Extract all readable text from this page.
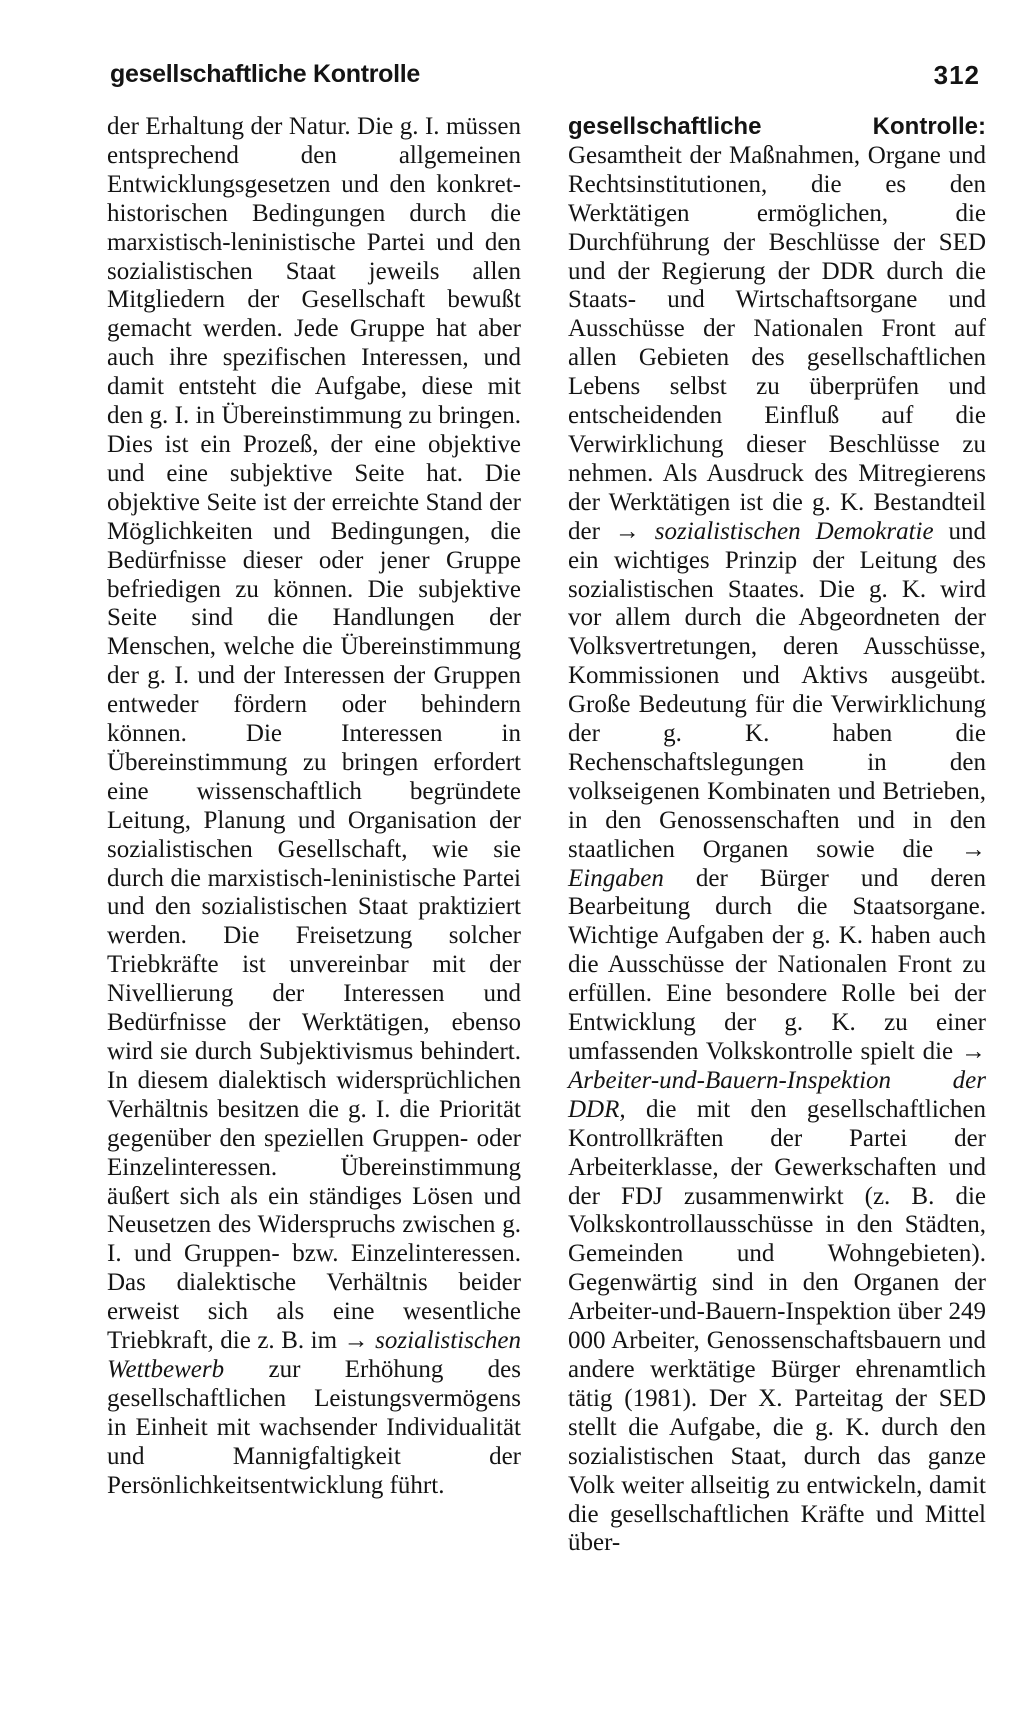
gesellschaftliche Kontrolle	312

der Erhaltung der Natur. Die g. I. müssen entsprechend den allgemeinen Entwicklungsgesetzen und den konkret-historischen Bedingungen durch die marxistisch-leninistische Partei und den sozialistischen Staat jeweils allen Mitgliedern der Gesellschaft bewußt gemacht werden. Jede Gruppe hat aber auch ihre spezifischen Interessen, und damit entsteht die Aufgabe, diese mit den g. I. in Übereinstimmung zu bringen. Dies ist ein Prozeß, der eine objektive und eine subjektive Seite hat. Die objektive Seite ist der erreichte Stand der Möglichkeiten und Bedingungen, die Bedürfnisse dieser oder jener Gruppe befriedigen zu können. Die subjektive Seite sind die Handlungen der Menschen, welche die Übereinstimmung der g. I. und der Interessen der Gruppen entweder fördern oder behindern können. Die Interessen in Übereinstimmung zu bringen erfordert eine wissenschaftlich begründete Leitung, Planung und Organisation der sozialistischen Gesellschaft, wie sie durch die marxistisch-leninistische Partei und den sozialistischen Staat praktiziert werden. Die Freisetzung solcher Triebkräfte ist unvereinbar mit der Nivellierung der Interessen und Bedürfnisse der Werktätigen, ebenso wird sie durch Subjektivismus behindert. In diesem dialektisch widersprüchlichen Verhältnis besitzen die g. I. die Priorität gegenüber den speziellen Gruppen- oder Einzelinteressen. Übereinstimmung äußert sich als ein ständiges Lösen und Neusetzen des Widerspruchs zwischen g. I. und Gruppen- bzw. Einzelinteressen. Das dialektische Verhältnis beider erweist sich als eine wesentliche Triebkraft, die z. B. im → sozialistischen Wettbewerb zur Erhöhung des gesellschaftlichen Leistungsvermögens in Einheit mit wachsender Individualität und Mannigfaltigkeit der Persönlichkeitsentwicklung führt.

gesellschaftliche Kontrolle: Gesamtheit der Maßnahmen, Organe und Rechtsinstitutionen, die es den Werktätigen ermöglichen, die Durchführung der Beschlüsse der SED und der Regierung der DDR durch die Staats- und Wirtschaftsorgane und Ausschüsse der Nationalen Front auf allen Gebieten des gesellschaftlichen Lebens selbst zu überprüfen und entscheidenden Einfluß auf die Verwirklichung dieser Beschlüsse zu nehmen. Als Ausdruck des Mitregierens der Werktätigen ist die g. K. Bestandteil der → sozialistischen Demokratie und ein wichtiges Prinzip der Leitung des sozialistischen Staates. Die g. K. wird vor allem durch die Abgeordneten der Volksvertretungen, deren Ausschüsse, Kommissionen und Aktivs ausgeübt. Große Bedeutung für die Verwirklichung der g. K. haben die Rechenschaftslegungen in den volkseigenen Kombinaten und Betrieben, in den Genossenschaften und in den staatlichen Organen sowie die → Eingaben der Bürger und deren Bearbeitung durch die Staatsorgane. Wichtige Aufgaben der g. K. haben auch die Ausschüsse der Nationalen Front zu erfüllen. Eine besondere Rolle bei der Entwicklung der g. K. zu einer umfassenden Volkskontrolle spielt die → Arbeiter-und-Bauern-Inspektion der DDR, die mit den gesellschaftlichen Kontrollkräften der Partei der Arbeiterklasse, der Gewerkschaften und der FDJ zusammenwirkt (z. B. die Volkskontrollausschüsse in den Städten, Gemeinden und Wohngebieten). Gegenwärtig sind in den Organen der Arbeiter-und-Bauern-Inspektion über 249 000 Arbeiter, Genossenschaftsbauern und andere werktätige Bürger ehrenamtlich tätig (1981). Der X. Parteitag der SED stellt die Aufgabe, die g. K. durch den sozialistischen Staat, durch das ganze Volk weiter allseitig zu entwickeln, damit die gesellschaftlichen Kräfte und Mittel über-
